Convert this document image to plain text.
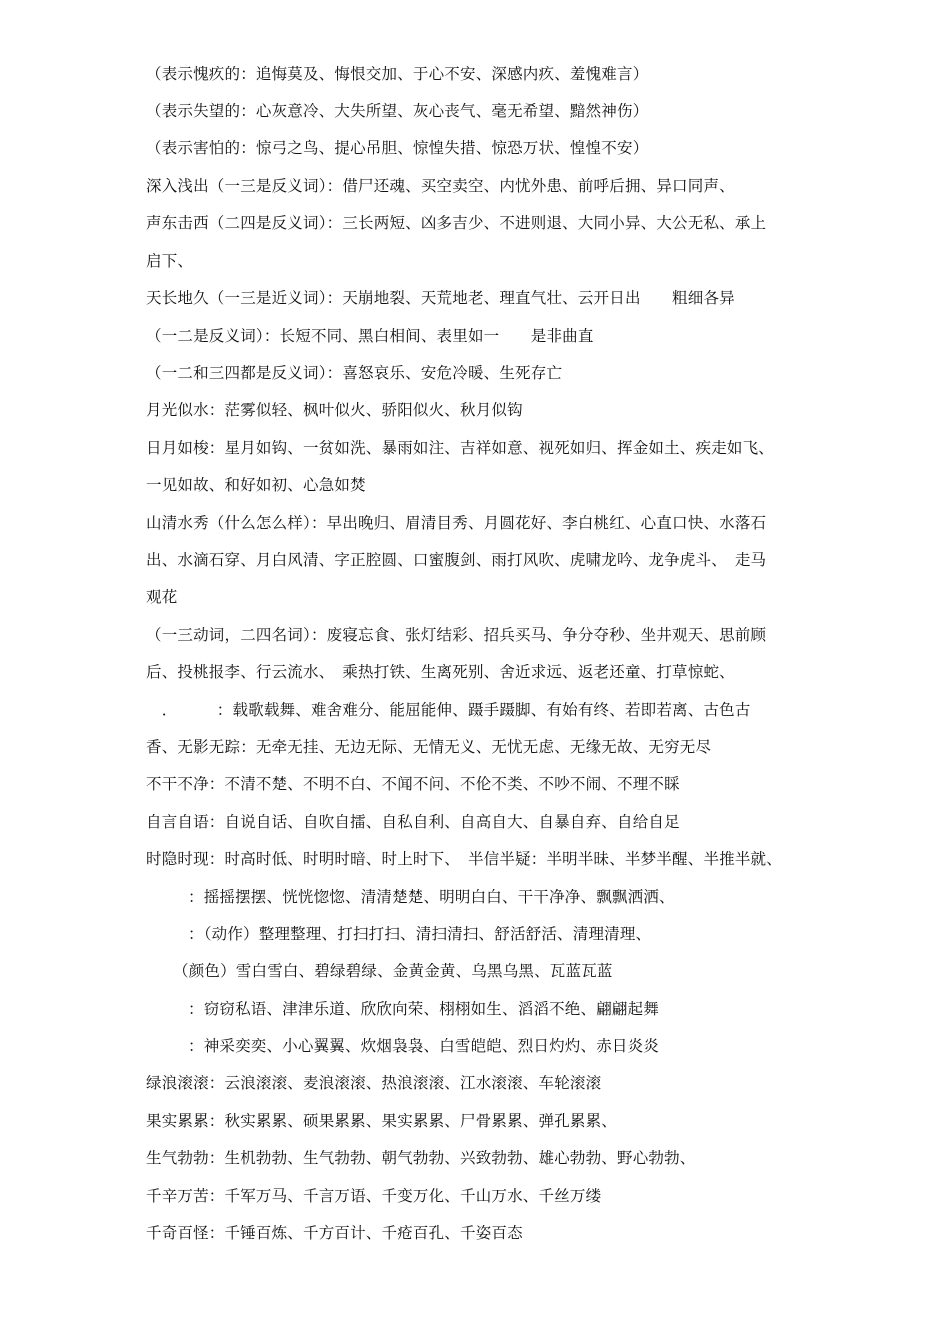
（表示愧疚的：追悔莫及、悔恨交加、于心不安、深感内疚、羞愧难言）
（表示失望的：心灰意冷、大失所望、灰心丧气、毫无希望、黯然神伤）
（表示害怕的：惊弓之鸟、提心吊胆、惊惶失措、惊恐万状、惶惶不安）
深入浅出（一三是反义词）：借尸还魂、买空卖空、内忧外患、前呼后拥、异口同声、
声东击西（二四是反义词）：三长两短、凶多吉少、不进则退、大同小异、大公无私、承上
启下、
天长地久（一三是近义词）：天崩地裂、天荒地老、理直气壮、云开日出　　粗细各异
（一二是反义词）：长短不同、黑白相间、表里如一　　是非曲直
（一二和三四都是反义词）：喜怒哀乐、安危冷暖、生死存亡
月光似水：茫雾似轻、枫叶似火、骄阳似火、秋月似钩
日月如梭：星月如钩、一贫如洗、暴雨如注、吉祥如意、视死如归、挥金如土、疾走如飞、
一见如故、和好如初、心急如焚
山清水秀（什么怎么样）：早出晚归、眉清目秀、月圆花好、李白桃红、心直口快、水落石
出、水滴石穿、月白风清、字正腔圆、口蜜腹剑、雨打风吹、虎啸龙吟、龙争虎斗、　走马
观花
（一三动词，二四名词）：废寝忘食、张灯结彩、招兵买马、争分夺秒、坐井观天、思前顾
后、投桃报李、行云流水、　乘热打铁、生离死别、舍近求远、返老还童、打草惊蛇、
　．　　　：载歌载舞、难舍难分、能屈能伸、蹑手蹑脚、有始有终、若即若离、古色古
香、无影无踪：无牵无挂、无边无际、无情无义、无忧无虑、无缘无故、无穷无尽
不干不净：不清不楚、不明不白、不闻不问、不伦不类、不吵不闹、不理不睬
自言自语：自说自话、自吹自擂、自私自利、自高自大、自暴自弃、自给自足
时隐时现：时高时低、时明时暗、时上时下、　半信半疑：半明半昧、半梦半醒、半推半就、
：摇摇摆摆、恍恍惚惚、清清楚楚、明明白白、干干净净、飘飘洒洒、
：（动作）整理整理、打扫打扫、清扫清扫、舒活舒活、清理清理、
（颜色）雪白雪白、碧绿碧绿、金黄金黄、乌黑乌黑、瓦蓝瓦蓝
：窃窃私语、津津乐道、欣欣向荣、栩栩如生、滔滔不绝、翩翩起舞
：神采奕奕、小心翼翼、炊烟袅袅、白雪皑皑、烈日灼灼、赤日炎炎
绿浪滚滚：云浪滚滚、麦浪滚滚、热浪滚滚、江水滚滚、车轮滚滚
果实累累：秋实累累、硕果累累、果实累累、尸骨累累、弹孔累累、
生气勃勃：生机勃勃、生气勃勃、朝气勃勃、兴致勃勃、雄心勃勃、野心勃勃、
千辛万苦：千军万马、千言万语、千变万化、千山万水、千丝万缕
千奇百怪：千锤百炼、千方百计、千疮百孔、千姿百态
